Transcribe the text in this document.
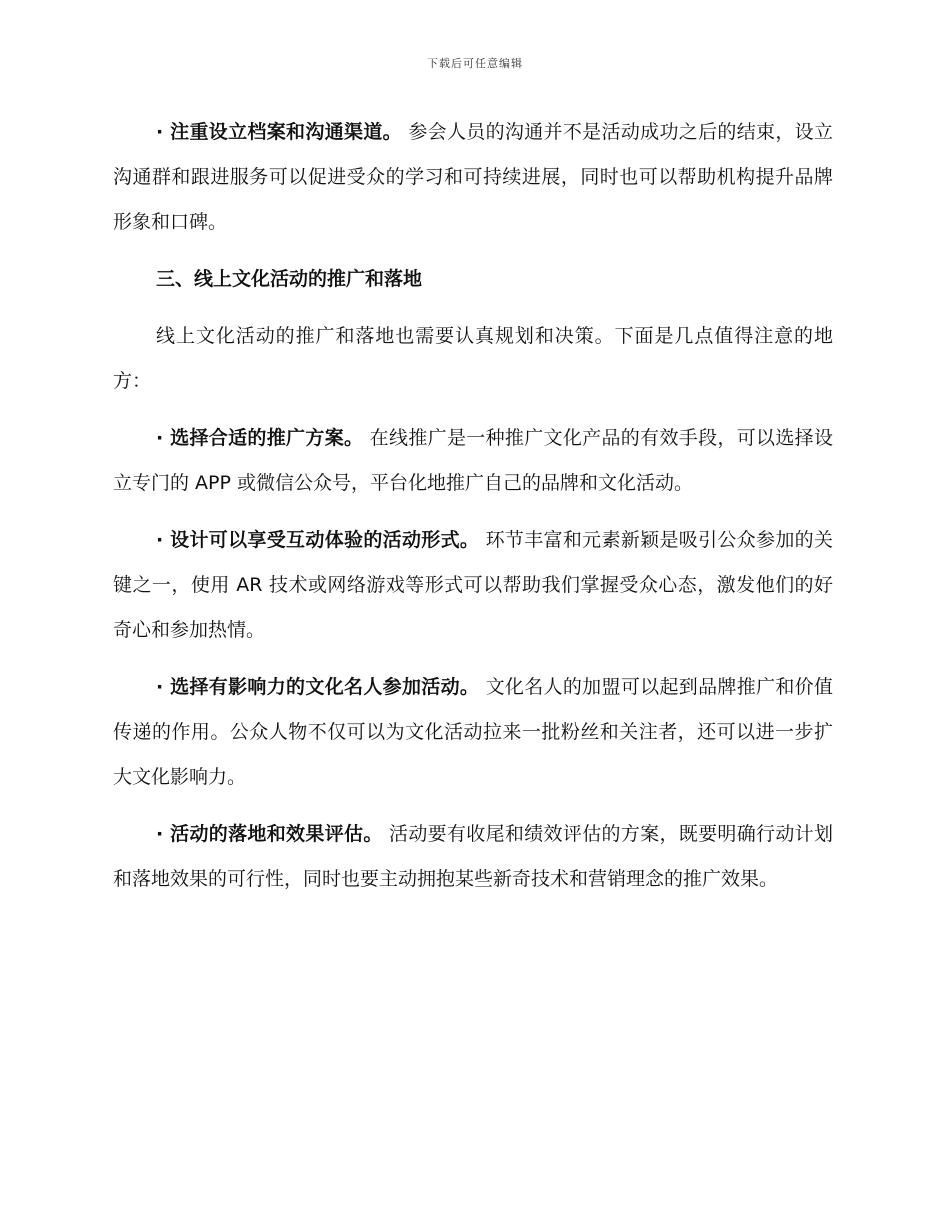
下载后可任意编辑

· 注重设立档案和沟通渠道。 参会人员的沟通并不是活动成功之后的结束，设立沟通群和跟进服务可以促进受众的学习和可持续进展，同时也可以帮助机构提升品牌形象和口碑。

三、线上文化活动的推广和落地

线上文化活动的推广和落地也需要认真规划和决策。下面是几点值得注意的地方：

· 选择合适的推广方案。 在线推广是一种推广文化产品的有效手段，可以选择设立专门的 APP 或微信公众号，平台化地推广自己的品牌和文化活动。

· 设计可以享受互动体验的活动形式。 环节丰富和元素新颖是吸引公众参加的关键之一，使用 AR 技术或网络游戏等形式可以帮助我们掌握受众心态，激发他们的好奇心和参加热情。

· 选择有影响力的文化名人参加活动。 文化名人的加盟可以起到品牌推广和价值传递的作用。公众人物不仅可以为文化活动拉来一批粉丝和关注者，还可以进一步扩大文化影响力。

· 活动的落地和效果评估。 活动要有收尾和绩效评估的方案，既要明确行动计划和落地效果的可行性，同时也要主动拥抱某些新奇技术和营销理念的推广效果。
